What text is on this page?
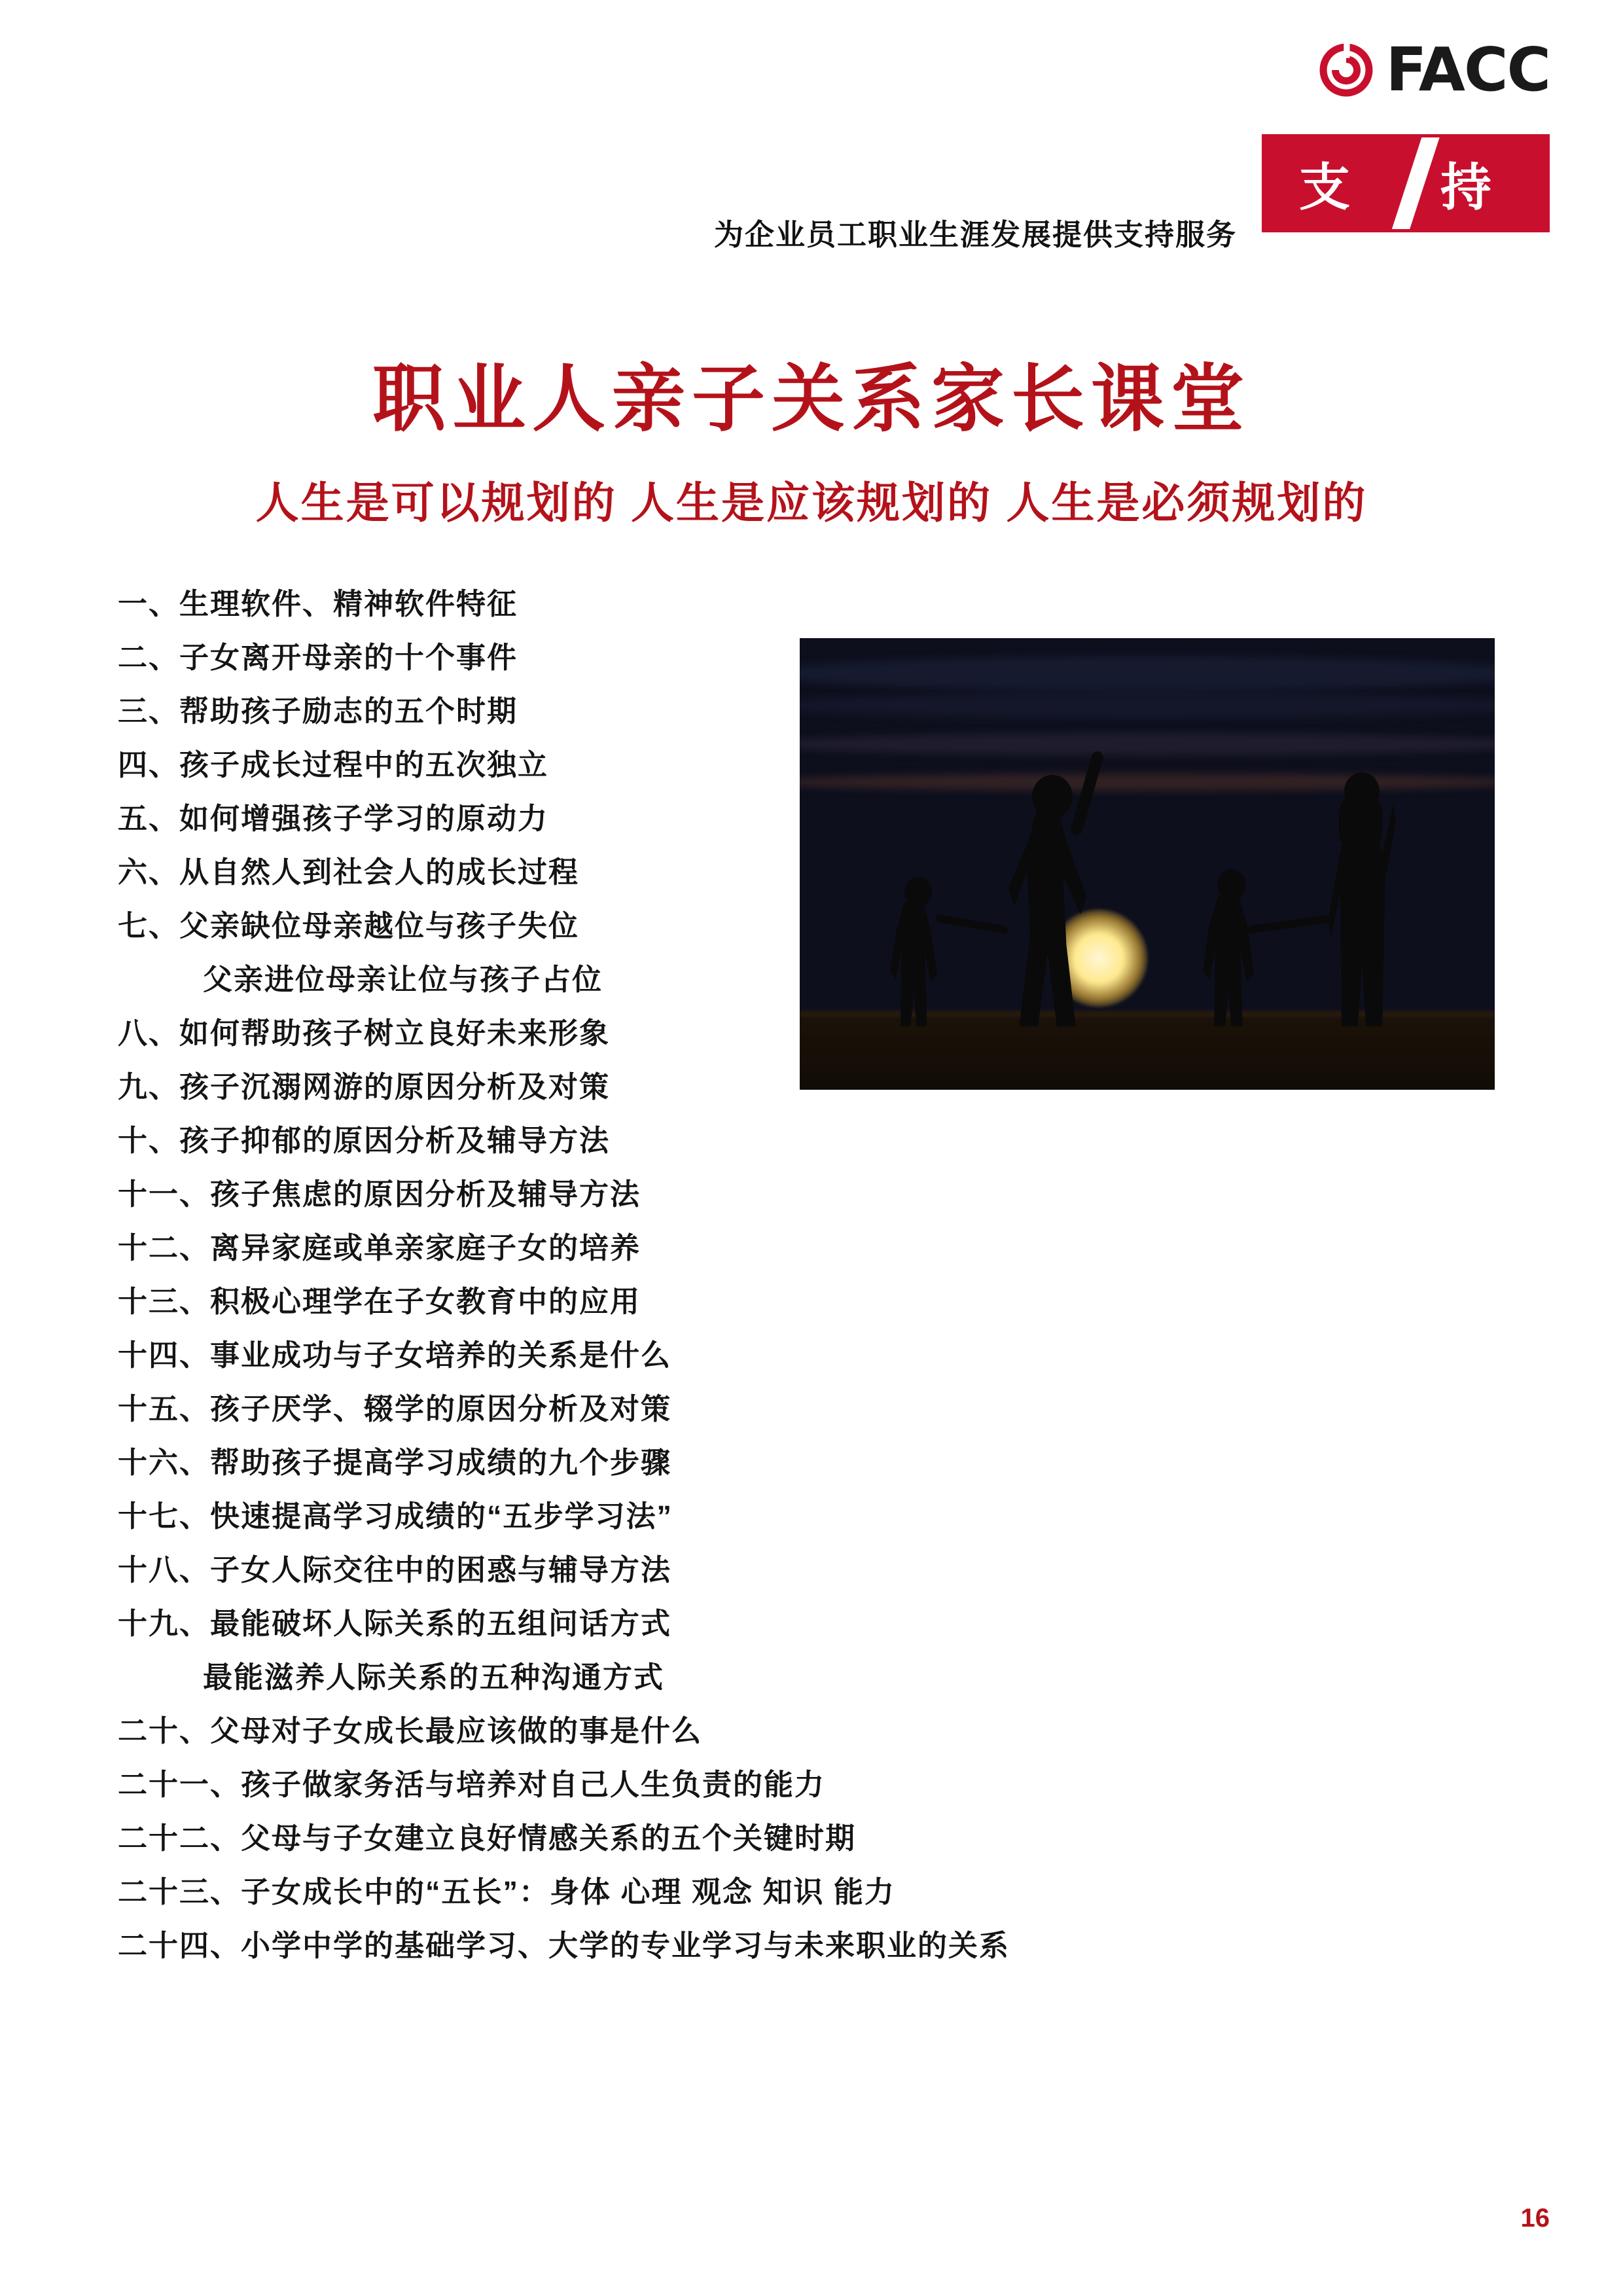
FACC
支 持
为企业员工职业生涯发展提供支持服务
职业人亲子关系家长课堂
人生是可以规划的 人生是应该规划的 人生是必须规划的
一、生理软件、精神软件特征
二、子女离开母亲的十个事件
三、帮助孩子励志的五个时期
四、孩子成长过程中的五次独立
五、如何增强孩子学习的原动力
六、从自然人到社会人的成长过程
七、父亲缺位母亲越位与孩子失位
父亲进位母亲让位与孩子占位
八、如何帮助孩子树立良好未来形象
九、孩子沉溺网游的原因分析及对策
十、孩子抑郁的原因分析及辅导方法
十一、孩子焦虑的原因分析及辅导方法
十二、离异家庭或单亲家庭子女的培养
十三、积极心理学在子女教育中的应用
十四、事业成功与子女培养的关系是什么
十五、孩子厌学、辍学的原因分析及对策
十六、帮助孩子提高学习成绩的九个步骤
十七、快速提高学习成绩的“五步学习法”
十八、子女人际交往中的困惑与辅导方法
十九、最能破坏人际关系的五组问话方式
最能滋养人际关系的五种沟通方式
二十、父母对子女成长最应该做的事是什么
二十一、孩子做家务活与培养对自己人生负责的能力
二十二、父母与子女建立良好情感关系的五个关键时期
二十三、子女成长中的“五长”：身体 心理 观念 知识 能力
二十四、小学中学的基础学习、大学的专业学习与未来职业的关系
16
